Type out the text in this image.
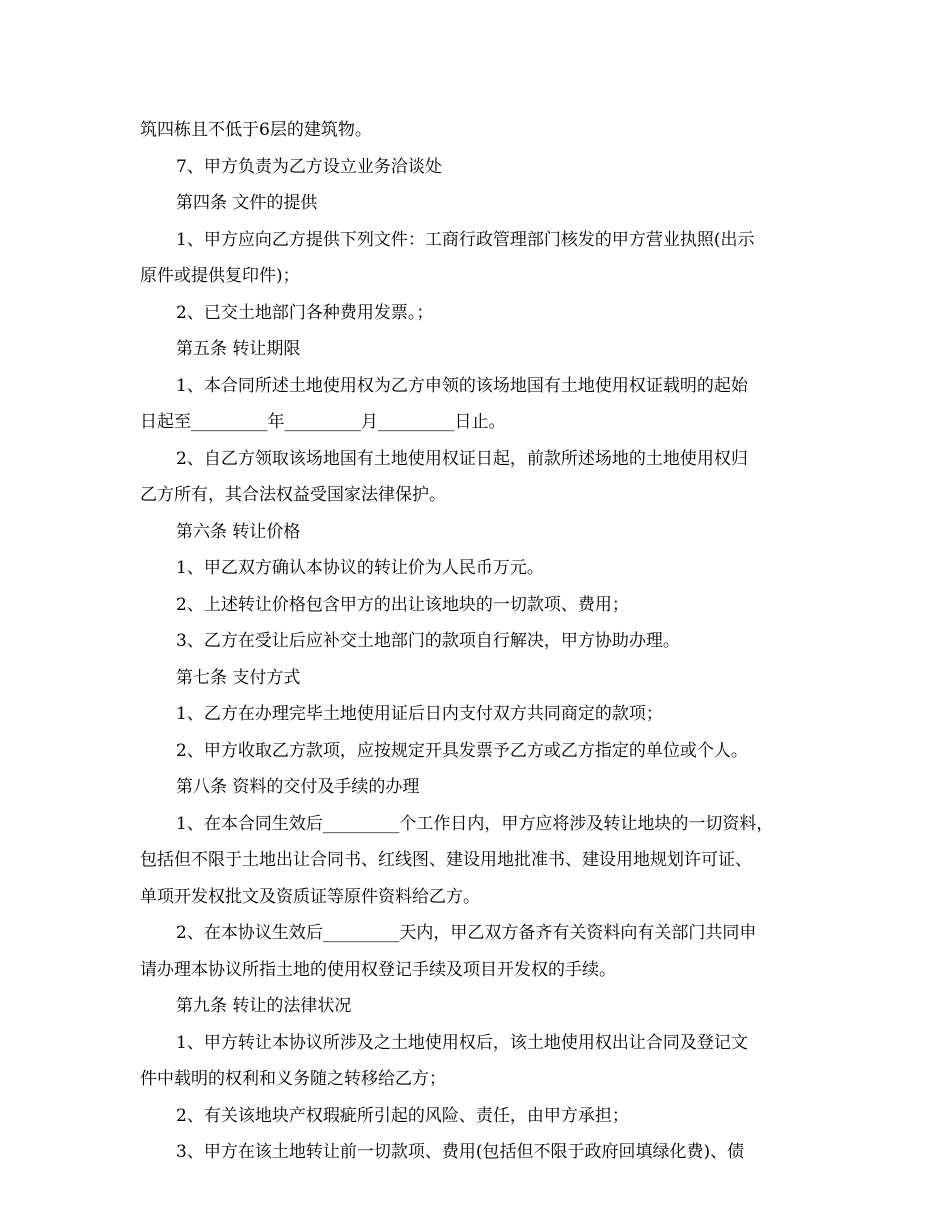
筑四栋且不低于6层的建筑物。
7、甲方负责为乙方设立业务洽谈处
第四条 文件的提供
1、甲方应向乙方提供下列文件：工商行政管理部门核发的甲方营业执照(出示
原件或提供复印件)；
2、已交土地部门各种费用发票。；
第五条 转让期限
1、本合同所述土地使用权为乙方申领的该场地国有土地使用权证载明的起始
日起至_________年_________月_________日止。
2、自乙方领取该场地国有土地使用权证日起，前款所述场地的土地使用权归
乙方所有，其合法权益受国家法律保护。
第六条 转让价格
1、甲乙双方确认本协议的转让价为人民币万元。
2、上述转让价格包含甲方的出让该地块的一切款项、费用；
3、乙方在受让后应补交土地部门的款项自行解决，甲方协助办理。
第七条 支付方式
1、乙方在办理完毕土地使用证后日内支付双方共同商定的款项；
2、甲方收取乙方款项，应按规定开具发票予乙方或乙方指定的单位或个人。
第八条 资料的交付及手续的办理
1、在本合同生效后_________个工作日内，甲方应将涉及转让地块的一切资料，
包括但不限于土地出让合同书、红线图、建设用地批准书、建设用地规划许可证、
单项开发权批文及资质证等原件资料给乙方。
2、在本协议生效后_________天内，甲乙双方备齐有关资料向有关部门共同申
请办理本协议所指土地的使用权登记手续及项目开发权的手续。
第九条 转让的法律状况
1、甲方转让本协议所涉及之土地使用权后，该土地使用权出让合同及登记文
件中载明的权利和义务随之转移给乙方；
2、有关该地块产权瑕疵所引起的风险、责任，由甲方承担；
3、甲方在该土地转让前一切款项、费用(包括但不限于政府回填绿化费)、债
